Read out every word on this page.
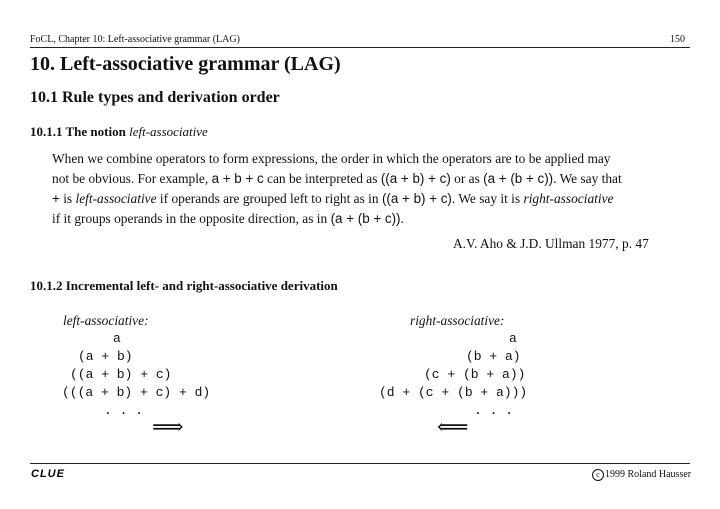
FoCL, Chapter 10: Left-associative grammar (LAG)	150
10. Left-associative grammar (LAG)
10.1 Rule types and derivation order
10.1.1 The notion left-associative
When we combine operators to form expressions, the order in which the operators are to be applied may
not be obvious. For example, a + b + c can be interpreted as ((a + b) + c) or as (a + (b + c)). We say that
+ is left-associative if operands are grouped left to right as in ((a + b) + c). We say it is right-associative
if it groups operands in the opposite direction, as in (a + (b + c)).
A.V. Aho & J.D. Ullman 1977, p. 47
10.1.2 Incremental left- and right-associative derivation
left-associative:
a
(a + b)
((a + b) + c)
(((a + b) + c) + d)
. . .
⟹
right-associative:
a
(b + a)
(c + (b + a))
(d + (c + (b + a)))
. . .
⟸
CLUE	c 1999 Roland Hausser
